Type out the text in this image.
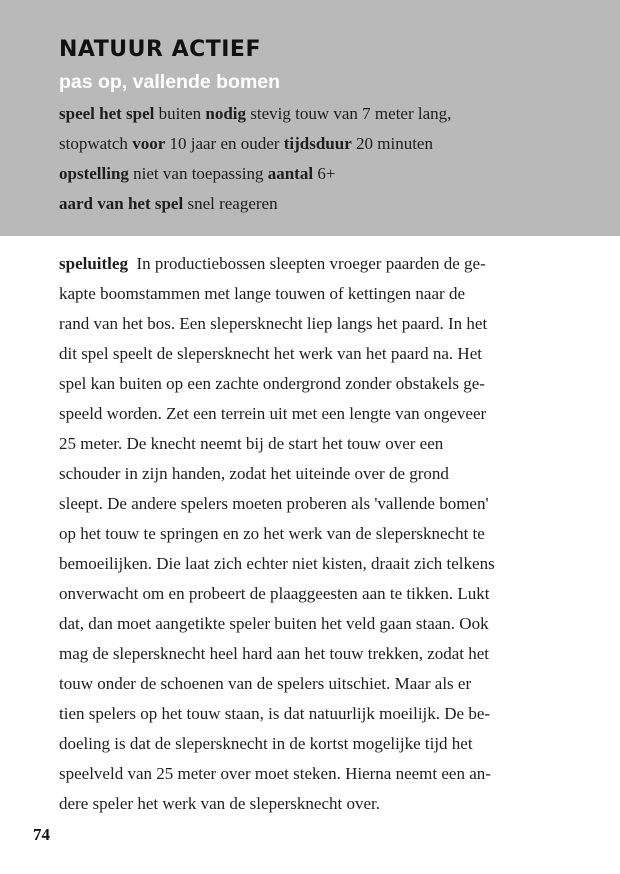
NATUUR ACTIEF
pas op, vallende bomen
speel het spel buiten nodig stevig touw van 7 meter lang,
stopwatch voor 10 jaar en ouder tijdsduur 20 minuten
opstelling niet van toepassing aantal 6+
aard van het spel snel reageren
speluitleg In productiebossen sleepten vroeger paarden de ge-
kapte boomstammen met lange touwen of kettingen naar de
rand van het bos. Een slepersknecht liep langs het paard. In het
dit spel speelt de slepersknecht het werk van het paard na. Het
spel kan buiten op een zachte ondergrond zonder obstakels ge-
speeld worden. Zet een terrein uit met een lengte van ongeveer
25 meter. De knecht neemt bij de start het touw over een
schouder in zijn handen, zodat het uiteinde over de grond
sleept. De andere spelers moeten proberen als 'vallende bomen'
op het touw te springen en zo het werk van de slepersknecht te
bemoeilijken. Die laat zich echter niet kisten, draait zich telkens
onverwacht om en probeert de plaaggeesten aan te tikken. Lukt
dat, dan moet aangetikte speler buiten het veld gaan staan. Ook
mag de slepersknecht heel hard aan het touw trekken, zodat het
touw onder de schoenen van de spelers uitschiet. Maar als er
tien spelers op het touw staan, is dat natuurlijk moeilijk. De be-
doeling is dat de slepersknecht in de kortst mogelijke tijd het
speelveld van 25 meter over moet steken. Hierna neemt een an-
dere speler het werk van de slepersknecht over.
74
